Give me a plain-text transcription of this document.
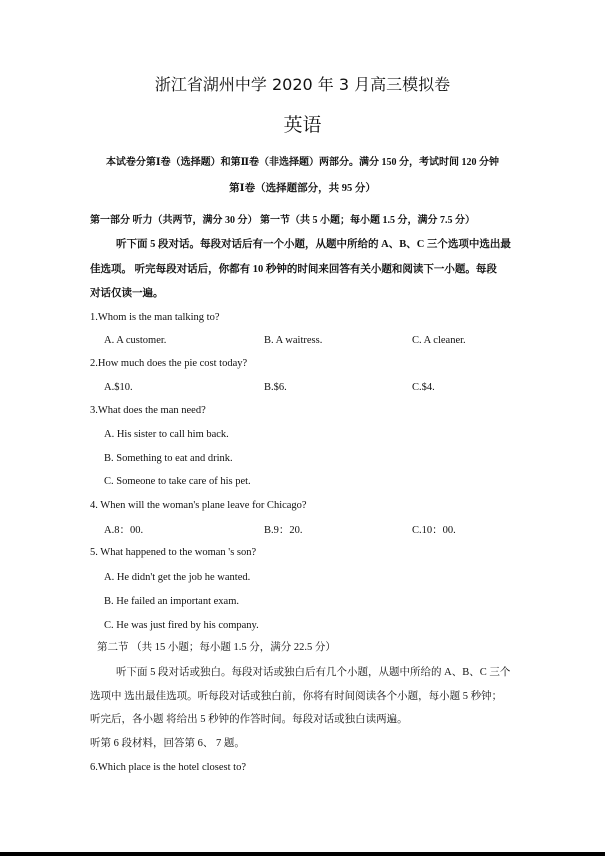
浙江省湖州中学 2020 年 3 月高三模拟卷
英语
本试卷分第Ⅰ卷（选择题）和第Ⅱ卷（非选择题）两部分。满分 150 分，考试时间 120 分钟
第Ⅰ卷（选择题部分，共 95 分）
第一部分 听力（共两节，满分 30 分） 第一节（共 5 小题；每小题 1.5 分，满分 7.5 分）
听下面 5 段对话。每段对话后有一个小题，从题中所给的 A、B、C 三个选项中选出最
佳选项。 听完每段对话后，你都有 10 秒钟的时间来回答有关小题和阅读下一小题。每段
对话仅读一遍。
1.Whom is the man talking to?
A. A customer.	B. A waitress.	C. A cleaner.
2.How much does the pie cost today?
A.$10.	B.$6.	C.$4.
3.What does the man need?
A. His sister to call him back.
B. Something to eat and drink.
C. Someone to take care of his pet.
4. When will the woman's plane leave for Chicago?
A.8：00.	B.9：20.	C.10：00.
5. What happened to the woman 's son?
A. He didn't get the job he wanted.
B. He failed an important exam.
C. He was just fired by his company.
第二节 （共 15 小题；每小题 1.5 分，满分 22.5 分）
听下面 5 段对话或独白。每段对话或独白后有几个小题，从题中所给的 A、B、C 三个
选项中 选出最佳选项。听每段对话或独白前，你将有时间阅读各个小题，每小题 5 秒钟；
听完后，各小题 将给出 5 秒钟的作答时间。每段对话或独白读两遍。
听第 6 段材料，回答第 6、 7 题。
6.Which place is the hotel closest to?
